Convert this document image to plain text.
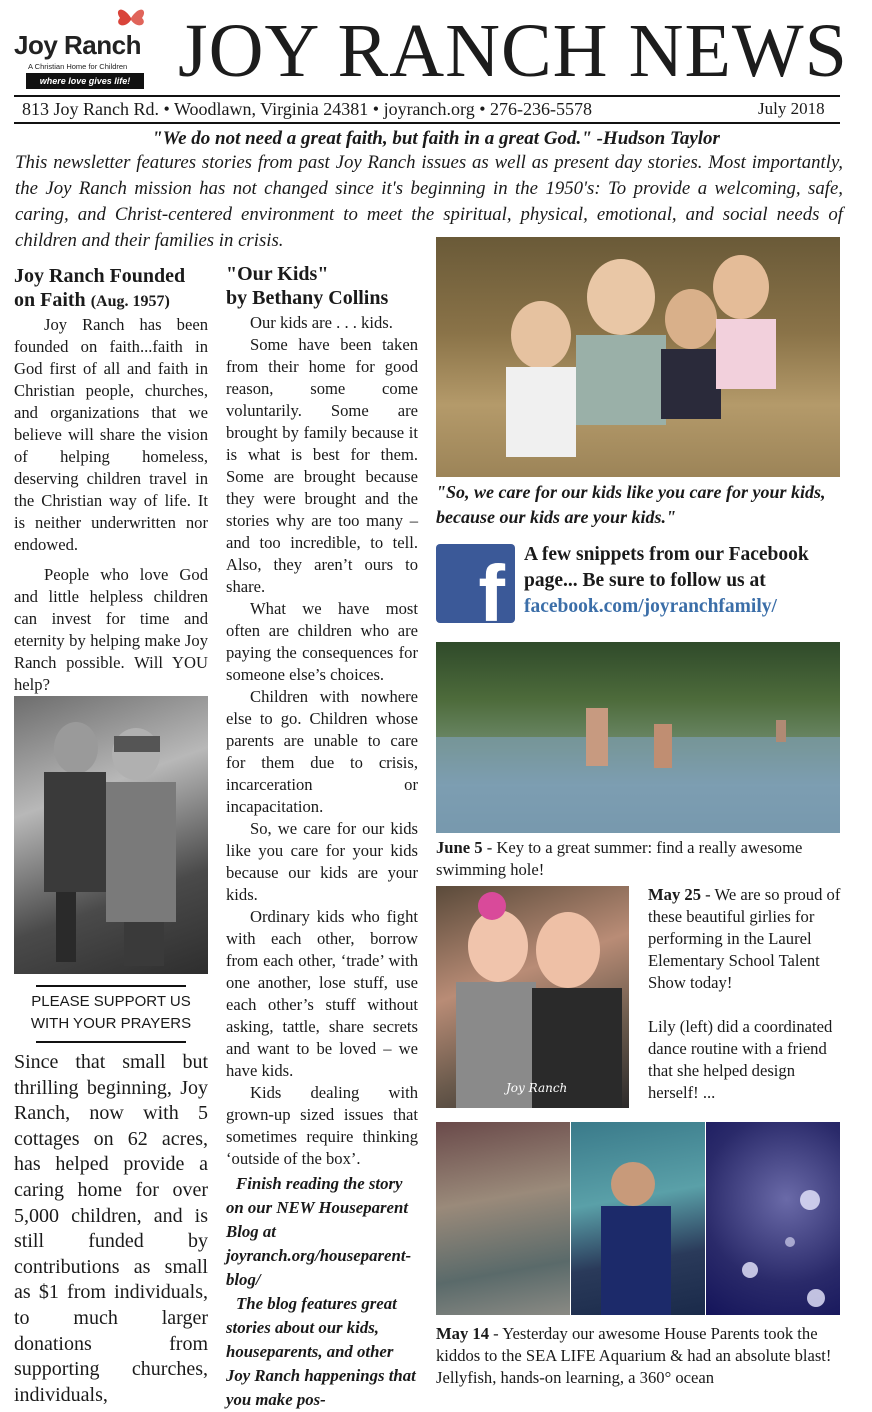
Joy Ranch
A Christian Home for Children
where love gives life! JOY RANCH NEWS
813 Joy Ranch Rd. • Woodlawn, Virginia 24381 • joyranch.org • 276-236-5578	July 2018
"We do not need a great faith, but faith in a great God." -Hudson Taylor
This newsletter features stories from past Joy Ranch issues as well as present day stories. Most importantly, the Joy Ranch mission has not changed since it's beginning in the 1950's: To provide a welcoming, safe, caring, and Christ-centered environment to meet the spiritual, physical, emotional, and social needs of children and their families in crisis.
Joy Ranch Founded on Faith (Aug. 1957)

Joy Ranch has been founded on faith...faith in God first of all and faith in Christian people, churches, and organizations that we believe will share the vision of helping homeless, deserving children travel in the Christian way of life. It is neither underwritten nor endowed.

People who love God and little helpless children can invest for time and eternity by helping make Joy Ranch possible. Will YOU help?

PLEASE SUPPORT US WITH YOUR PRAYERS
Since that small but thrilling beginning, Joy Ranch, now with 5 cottages on 62 acres, has helped provide a caring home for over 5,000 children, and is still funded by contributions as small as $1 from individuals, to much larger donations from supporting churches, individuals,
"Our Kids"
by Bethany Collins

Our kids are . . . kids.

Some have been taken from their home for good reason, some come voluntarily. Some are brought by family because it is what is best for them. Some are brought because they were brought and the stories why are too many – and too incredible, to tell. Also, they aren’t ours to share.

What we have most often are children who are paying the consequences for someone else’s choices.

Children with nowhere else to go. Children whose parents are unable to care for them due to crisis, incarceration or incapacitation.

So, we care for our kids like you care for your kids because our kids are your kids.

Ordinary kids who fight with each other, borrow from each other, ‘trade’ with one another, lose stuff, use each other’s stuff without asking, tattle, share secrets and want to be loved – we have kids.

Kids dealing with grown-up sized issues that sometimes require thinking ‘outside of the box’.

Finish reading the story on our NEW Houseparent Blog at joyranch.org/houseparent-blog/
The blog features great stories about our kids, houseparents, and other Joy Ranch happenings that you make pos-
"So, we care for our kids like you care for your kids, because our kids are your kids."
f A few snippets from our Facebook page... Be sure to follow us at
facebook.com/joyranchfamily/
June 5 - Key to a great summer: find a really awesome swimming hole!
Joy Ranch

May 25 - We are so proud of these beautiful girlies for performing in the Laurel Elementary School Talent Show today!

Lily (left) did a coordinated dance routine with a friend that she helped design herself! ...

May 14 - Yesterday our awesome House Parents took the kiddos to the SEA LIFE Aquarium & had an absolute blast! Jellyfish, hands-on learning, a 360° ocean
